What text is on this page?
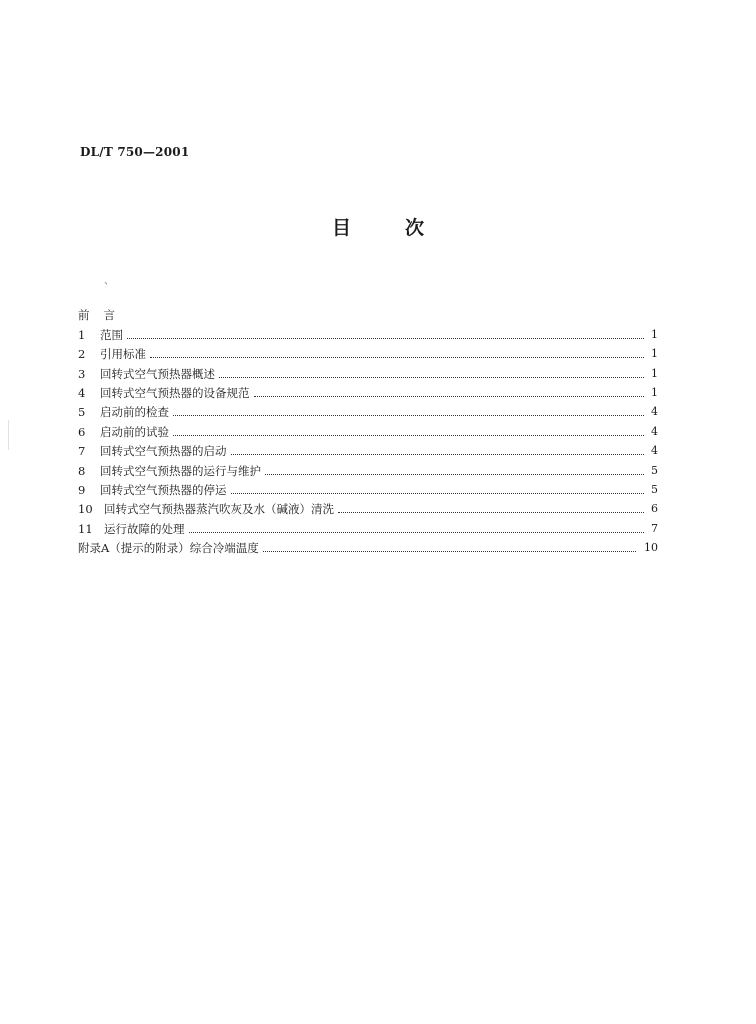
DL/T 750—2001
目次
、
前言
1	范围	1
2	引用标准	1
3	回转式空气预热器概述	1
4	回转式空气预热器的设备规范	1
5	启动前的检查	4
6	启动前的试验	4
7	回转式空气预热器的启动	4
8	回转式空气预热器的运行与维护	5
9	回转式空气预热器的停运	5
10 回转式空气预热器蒸汽吹灰及水（碱液）清洗	6
11 运行故障的处理	7
附录A（提示的附录）综合冷端温度	10
